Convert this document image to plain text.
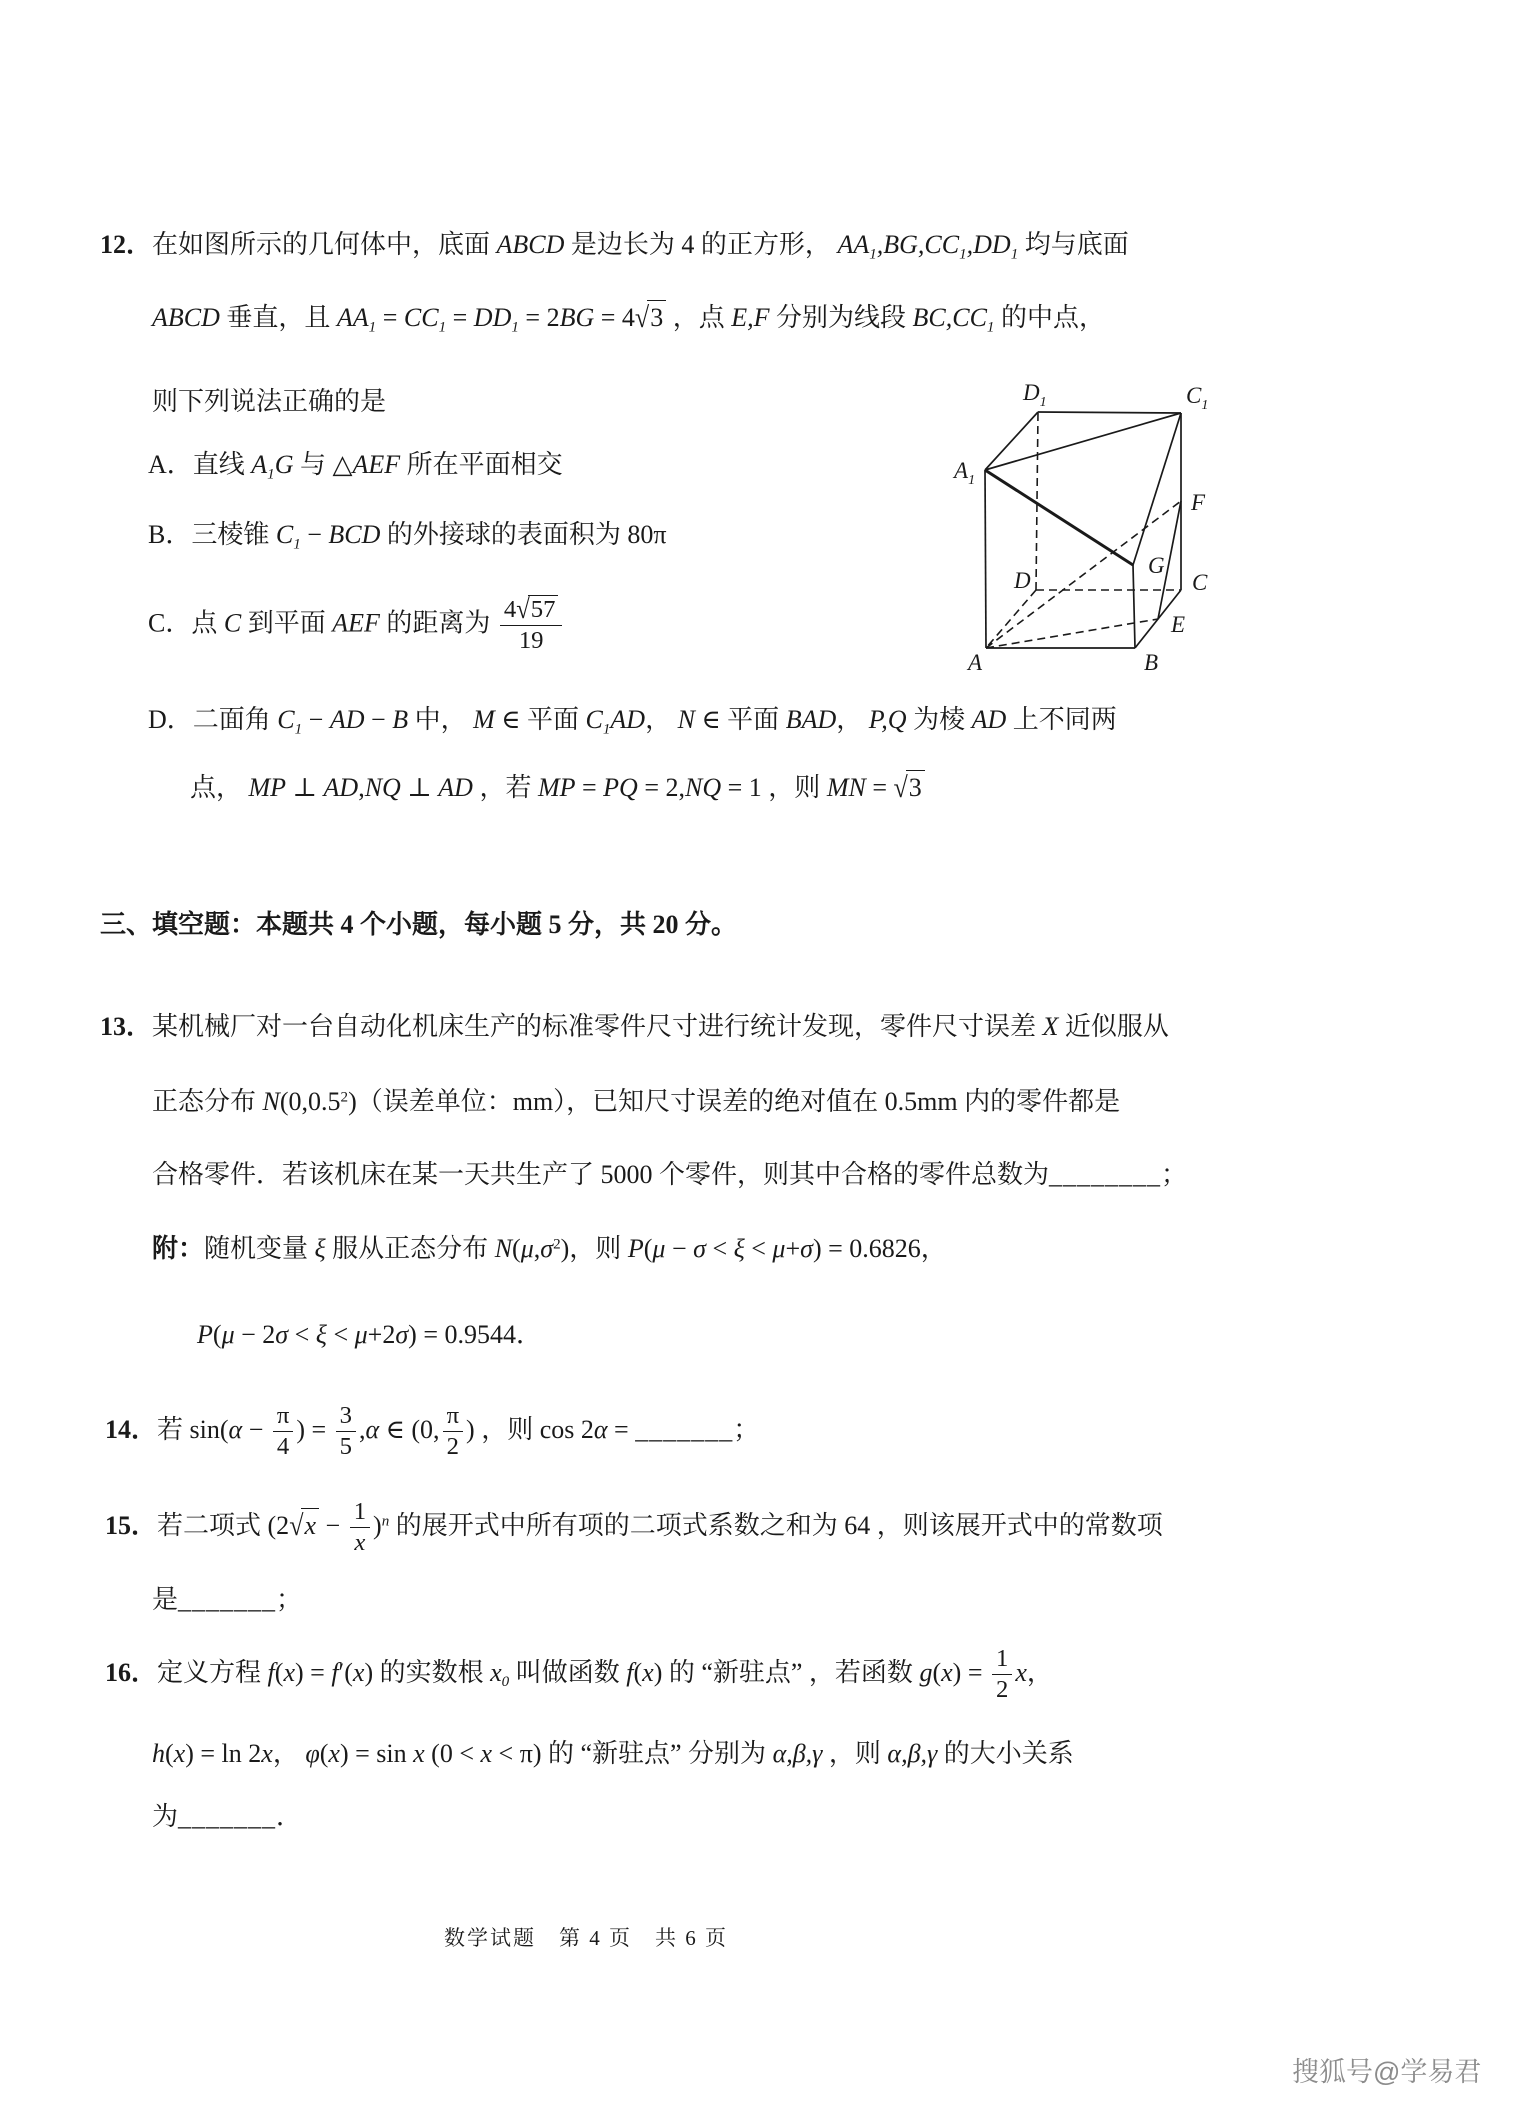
12．在如图所示的几何体中，底面 ABCD 是边长为 4 的正方形， $AA_1,BG,CC_1,DD_1$ 均与底面
ABCD 垂直，且 $AA_1 = CC_1 = DD_1 = 2BG = 4√3$ ，点 E,F 分别为线段 $BC,CC_1$ 的中点，
则下列说法正确的是
A．直线 $A_1G$ 与 △AEF 所在平面相交
B．三棱锥 $C_1$ − BCD 的外接球的表面积为 80π
C．点 C 到平面 AEF 的距离为 $\frac{4√57}{19}$
D．二面角 $C_1$ − AD − B 中， M ∈ 平面 $C_1AD$， N ∈ 平面 BAD， P,Q 为棱 AD 上不同两
点， MP ⊥ AD,NQ ⊥ AD ，若 MP = PQ = 2,NQ = 1 ，则 MN = √3
$D_1$	$C_1$
$A_1$
F
G
D	C
E
A	B
三、填空题：本题共 4 个小题，每小题 5 分，共 20 分。
13．某机械厂对一台自动化机床生产的标准零件尺寸进行统计发现，零件尺寸误差 X 近似服从
正态分布 N(0,0.5$^2$)（误差单位：mm），已知尺寸误差的绝对值在 0.5mm 内的零件都是
合格零件．若该机床在某一天共生产了 5000 个零件，则其中合格的零件总数为________；
附：随机变量 ξ 服从正态分布 $N(\mu,\sigma^2)$，则 P(μ − σ < ξ < μ+σ) = 0.6826，
P(μ − 2σ < ξ < μ+2σ) = 0.9544．
14．若 $\sin(\alpha - \frac{\pi}{4}$ ) = $\frac{3}{5} ,\alpha$ ∈ (0, $\frac{\pi}{2}$ ) ，则 cos 2α = _______；
15．若二项式 $(2√x - \frac{1}{x} )^n$ 的展开式中所有项的二项式系数之和为 64 ，则该展开式中的常数项
是_______；
16．定义方程 f(x) = f′(x) 的实数根 $x_0$ 叫做函数 f(x) 的 “新驻点” ，若函数 $g(x) = \frac{1}{2}$ x，
h(x) = ln 2x， φ(x) = sin x (0 < x < π) 的 “新驻点” 分别为 α,β,γ ，则 α,β,γ 的大小关系
为_______．
数学试题　第 4 页　共 6 页
搜狐号@学易君
